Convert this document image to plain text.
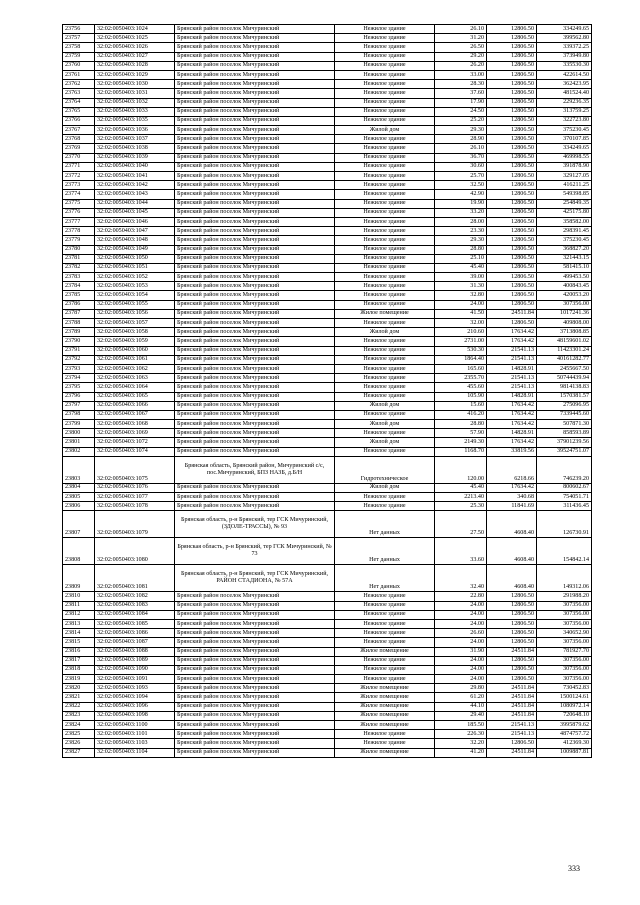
23756	32:02:0050403:1024	Брянский район поселок Мичуринский	Нежилое здание	26.10	12806.50	334249.65
23757	32:02:0050403:1025	Брянский район поселок Мичуринский	Нежилое здание	31.20	12806.50	399562.80
23758	32:02:0050403:1026	Брянский район поселок Мичуринский	Нежилое здание	26.50	12806.50	339372.25
23759	32:02:0050403:1027	Брянский район поселок Мичуринский	Нежилое здание	29.20	12806.50	373949.80
23760	32:02:0050403:1028	Брянский район поселок Мичуринский	Нежилое здание	26.20	12806.50	335530.30
23761	32:02:0050403:1029	Брянский район поселок Мичуринский	Нежилое здание	33.00	12806.50	422614.50
23762	32:02:0050403:1030	Брянский район поселок Мичуринский	Нежилое здание	28.30	12806.50	362423.95
23763	32:02:0050403:1031	Брянский район поселок Мичуринский	Нежилое здание	37.60	12806.50	481524.40
23764	32:02:0050403:1032	Брянский район поселок Мичуринский	Нежилое здание	17.90	12806.50	229236.35
23765	32:02:0050403:1033	Брянский район поселок Мичуринский	Нежилое здание	24.50	12806.50	313759.25
23766	32:02:0050403:1035	Брянский район поселок Мичуринский	Нежилое здание	25.20	12806.50	322723.80
23767	32:02:0050403:1036	Брянский район поселок Мичуринский	Жилой дом	29.30	12806.50	375230.45
23768	32:02:0050403:1037	Брянский район поселок Мичуринский	Нежилое здание	28.90	12806.50	370107.85
23769	32:02:0050403:1038	Брянский район поселок Мичуринский	Нежилое здание	26.10	12806.50	334249.65
23770	32:02:0050403:1039	Брянский район поселок Мичуринский	Нежилое здание	36.70	12806.50	469998.55
23771	32:02:0050403:1040	Брянский район поселок Мичуринский	Нежилое здание	30.60	12806.50	391878.90
23772	32:02:0050403:1041	Брянский район поселок Мичуринский	Нежилое здание	25.70	12806.50	329127.05
23773	32:02:0050403:1042	Брянский район поселок Мичуринский	Нежилое здание	32.50	12806.50	416211.25
23774	32:02:0050403:1043	Брянский район поселок Мичуринский	Нежилое здание	42.90	12806.50	549398.85
23775	32:02:0050403:1044	Брянский район поселок Мичуринский	Нежилое здание	19.90	12806.50	254849.35
23776	32:02:0050403:1045	Брянский район поселок Мичуринский	Нежилое здание	33.20	12806.50	425175.80
23777	32:02:0050403:1046	Брянский район поселок Мичуринский	Нежилое здание	28.00	12806.50	358582.00
23778	32:02:0050403:1047	Брянский район поселок Мичуринский	Нежилое здание	23.30	12806.50	298391.45
23779	32:02:0050403:1048	Брянский район поселок Мичуринский	Нежилое здание	29.30	12806.50	375230.45
23780	32:02:0050403:1049	Брянский район поселок Мичуринский	Нежилое здание	28.80	12806.50	368827.20
23781	32:02:0050403:1050	Брянский район поселок Мичуринский	Нежилое здание	25.10	12806.50	321443.15
23782	32:02:0050403:1051	Брянский район поселок Мичуринский	Нежилое здание	45.40	12806.50	581415.10
23783	32:02:0050403:1052	Брянский район поселок Мичуринский	Нежилое здание	39.00	12806.50	499453.50
23784	32:02:0050403:1053	Брянский район поселок Мичуринский	Нежилое здание	31.30	12806.50	400843.45
23785	32:02:0050403:1054	Брянский район поселок Мичуринский	Нежилое здание	32.80	12806.50	420053.20
23786	32:02:0050403:1055	Брянский район поселок Мичуринский	Нежилое здание	24.00	12806.50	307356.00
23787	32:02:0050403:1056	Брянский район поселок Мичуринский	Жилое помещение	41.50	24511.84	1017241.36
23788	32:02:0050403:1057	Брянский район поселок Мичуринский	Нежилое здание	32.00	12806.50	409808.00
23789	32:02:0050403:1058	Брянский район поселок Мичуринский	Жилой дом	210.60	17634.42	3713808.85
23790	32:02:0050403:1059	Брянский район поселок Мичуринский	Нежилое здание	2731.00	17634.42	48159601.02
23791	32:02:0050403:1060	Брянский район поселок Мичуринский	Нежилое здание	530.30	21541.13	11423301.24
23792	32:02:0050403:1061	Брянский район поселок Мичуринский	Нежилое здание	1864.40	21541.13	40161282.77
23793	32:02:0050403:1062	Брянский район поселок Мичуринский	Нежилое здание	165.60	14828.91	2455667.50
23794	32:02:0050403:1063	Брянский район поселок Мичуринский	Нежилое здание	2355.70	21541.13	50744439.94
23795	32:02:0050403:1064	Брянский район поселок Мичуринский	Нежилое здание	455.60	21541.13	9814138.83
23796	32:02:0050403:1065	Брянский район поселок Мичуринский	Нежилое здание	105.90	14828.91	1570381.57
23797	32:02:0050403:1066	Брянский район поселок Мичуринский	Жилой дом	15.60	17634.42	275096.95
23798	32:02:0050403:1067	Брянский район поселок Мичуринский	Нежилое здание	416.20	17634.42	7339445.60
23799	32:02:0050403:1068	Брянский район поселок Мичуринский	Жилой дом	28.80	17634.42	507871.30
23800	32:02:0050403:1069	Брянский район поселок Мичуринский	Нежилое здание	57.90	14828.91	858593.89
23801	32:02:0050403:1072	Брянский район поселок Мичуринский	Жилой дом	2149.30	17634.42	37901239.56
23802	32:02:0050403:1074	Брянский район поселок Мичуринский	Нежилое здание	1168.70	33819.56	39524751.07
23803	32:02:0050403:1075	Брянская область, Брянский район, Мичуринский с/с, пос.Мичуринский, БПЗ НАЗБ, д.Б/Н	Гидротехническое	120.00	6218.66	746239.20
23804	32:02:0050403:1076	Брянский район поселок Мичуринский	Жилой дом	45.40	17634.42	800602.67
23805	32:02:0050403:1077	Брянский район поселок Мичуринский	Нежилое здание	2213.40	340.68	754051.71
23806	32:02:0050403:1078	Брянский район поселок Мичуринский	Нежилое здание	25.30	11841.69	311436.45
23807	32:02:0050403:1079	Брянская область, р-н Брянский, тер ГСК Мичуринский, (ЗДОЛЕ-ТРАССЫ), № 93	Нет данных	27.50	4608.40	126730.91
23808	32:02:0050403:1080	Брянская область, р-н Брянский, тер ГСК Мичуринский, № 73	Нет данных	33.60	4608.40	154842.14
23809	32:02:0050403:1081	Брянская область, р-н Брянский, тер ГСК Мичуринский, РАЙОН СТАДИОНА, № 57А	Нет данных	32.40	4608.40	149312.06
23810	32:02:0050403:1082	Брянский район поселок Мичуринский	Нежилое здание	22.80	12806.50	291988.20
23811	32:02:0050403:1083	Брянский район поселок Мичуринский	Нежилое здание	24.00	12806.50	307356.00
23812	32:02:0050403:1084	Брянский район поселок Мичуринский	Нежилое здание	24.00	12806.50	307356.00
23813	32:02:0050403:1085	Брянский район поселок Мичуринский	Нежилое здание	24.00	12806.50	307356.00
23814	32:02:0050403:1086	Брянский район поселок Мичуринский	Нежилое здание	26.60	12806.50	340652.90
23815	32:02:0050403:1087	Брянский район поселок Мичуринский	Нежилое здание	24.00	12806.50	307356.00
23816	32:02:0050403:1088	Брянский район поселок Мичуринский	Жилое помещение	31.90	24511.84	781927.70
23817	32:02:0050403:1089	Брянский район поселок Мичуринский	Нежилое здание	24.00	12806.50	307356.00
23818	32:02:0050403:1090	Брянский район поселок Мичуринский	Нежилое здание	24.00	12806.50	307356.00
23819	32:02:0050403:1091	Брянский район поселок Мичуринский	Нежилое здание	24.00	12806.50	307356.00
23820	32:02:0050403:1093	Брянский район поселок Мичуринский	Жилое помещение	29.80	24511.84	730452.83
23821	32:02:0050403:1094	Брянский район поселок Мичуринский	Жилое помещение	61.20	24511.84	1500124.61
23822	32:02:0050403:1096	Брянский район поселок Мичуринский	Жилое помещение	44.10	24511.84	1080972.14
23823	32:02:0050403:1098	Брянский район поселок Мичуринский	Жилое помещение	29.40	24511.84	720648.10
23824	32:02:0050403:1100	Брянский район поселок Мичуринский	Жилое помещение	185.50	21541.13	3995879.62
23825	32:02:0050403:1101	Брянский район поселок Мичуринский	Нежилое здание	226.30	21541.13	4874757.72
23826	32:02:0050403:1103	Брянский район поселок Мичуринский	Нежилое здание	32.20	12806.50	412369.30
23827	32:02:0050403:1104	Брянский район поселок Мичуринский	Жилое помещение	41.20	24511.84	1009887.81
333
